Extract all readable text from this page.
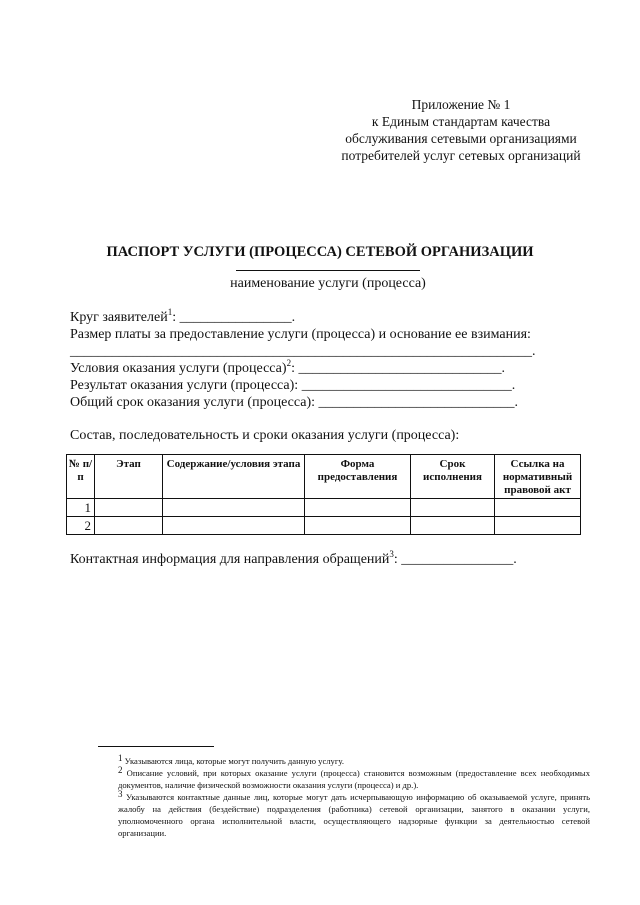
Приложение № 1
к Единым стандартам качества
обслуживания сетевыми организациями
потребителей услуг сетевых организаций
ПАСПОРТ УСЛУГИ (ПРОЦЕССА) СЕТЕВОЙ ОРГАНИЗАЦИИ
наименование услуги (процесса)
Круг заявителей$^1$: ________________.
Размер платы за предоставление услуги (процесса) и основание ее взимания:
__________________________________________________________________.
Условия оказания услуги (процесса)$^2$: _____________________________.
Результат оказания услуги (процесса): ______________________________.
Общий срок оказания услуги (процесса): ____________________________.
Состав, последовательность и сроки оказания услуги (процесса):
№ п/п	Этап	Содержание/условия этапа	Форма предоставления	Срок исполнения	Ссылка на нормативный правовой акт
1					
2					
Контактная информация для направления обращений$^3$: ________________.
$^1$ Указываются лица, которые могут получить данную услугу.
$^2$ Описание условий, при которых оказание услуги (процесса) становится возможным (предоставление всех необходимых документов, наличие физической возможности оказания услуги (процесса) и др.).
$^3$ Указываются контактные данные лиц, которые могут дать исчерпывающую информацию об оказываемой услуге, принять жалобу на действия (бездействие) подразделения (работника) сетевой организации, занятого в оказании услуги, уполномоченного органа исполнительной власти, осуществляющего надзорные функции за деятельностью сетевой организации.
